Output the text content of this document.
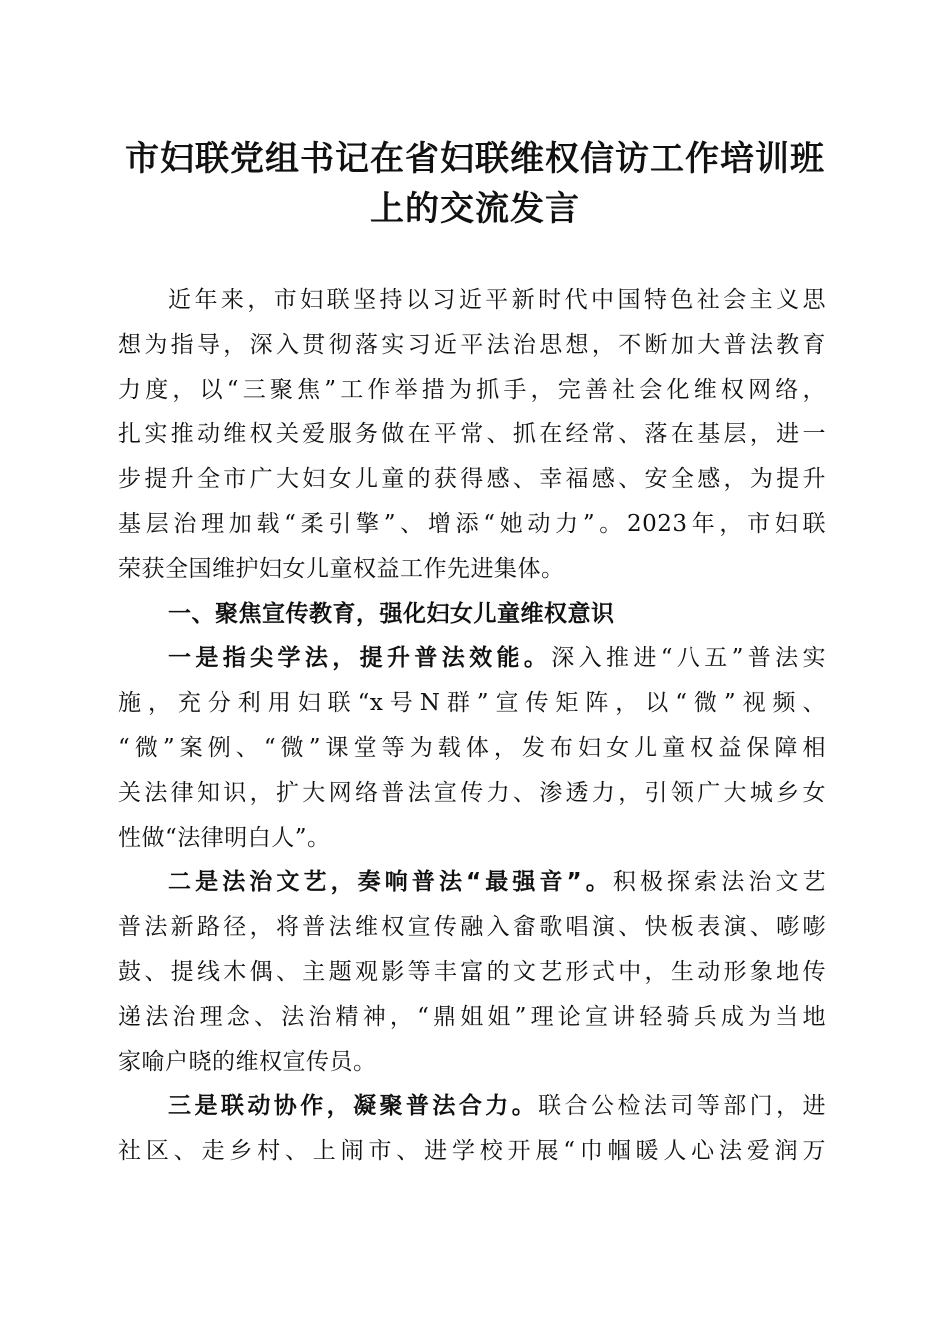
市妇联党组书记在省妇联维权信访工作培训班
上的交流发言
近年来，市妇联坚持以习近平新时代中国特色社会主义思
想为指导，深入贯彻落实习近平法治思想，不断加大普法教育
力度，以“三聚焦”工作举措为抓手，完善社会化维权网络，
扎实推动维权关爱服务做在平常、抓在经常、落在基层，进一
步提升全市广大妇女儿童的获得感、幸福感、安全感，为提升
基层治理加载“柔引擎”、增添“她动力”。2023年，市妇联
荣获全国维护妇女儿童权益工作先进集体。
一、聚焦宣传教育，强化妇女儿童维权意识
一是指尖学法，提升普法效能。深入推进“八五”普法实
施，充分利用妇联“x号N群”宣传矩阵，以“微”视频、
“微”案例、“微”课堂等为载体，发布妇女儿童权益保障相
关法律知识，扩大网络普法宣传力、渗透力，引领广大城乡女
性做“法律明白人”。
二是法治文艺，奏响普法“最强音”。积极探索法治文艺
普法新路径，将普法维权宣传融入畲歌唱演、快板表演、嘭嘭
鼓、提线木偶、主题观影等丰富的文艺形式中，生动形象地传
递法治理念、法治精神，“鼎姐姐”理论宣讲轻骑兵成为当地
家喻户晓的维权宣传员。
三是联动协作，凝聚普法合力。联合公检法司等部门，进
社区、走乡村、上闹市、进学校开展“巾帼暖人心法爱润万
